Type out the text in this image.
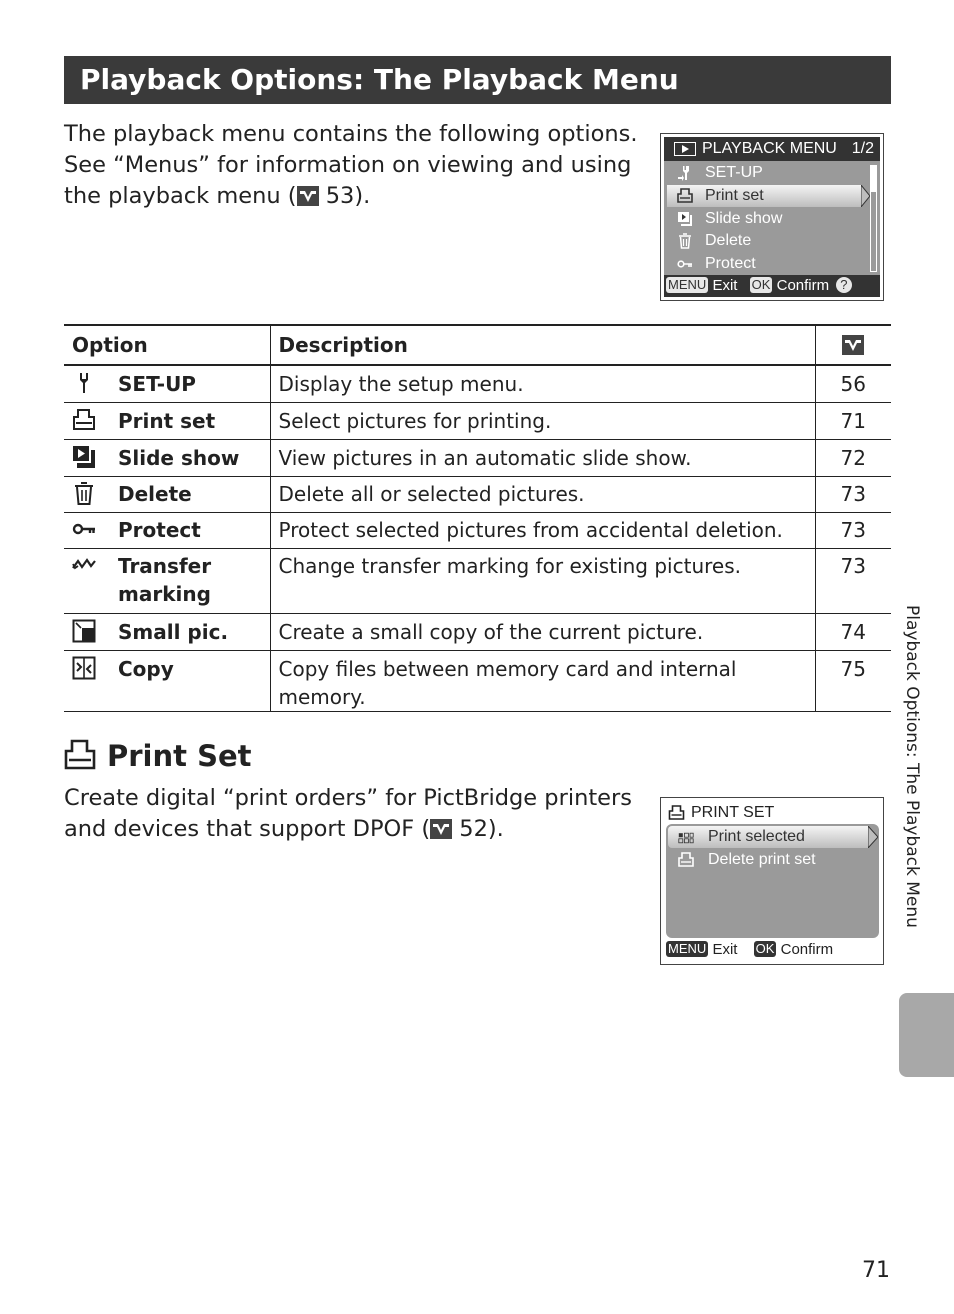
Playback Options: The Playback Menu
The playback menu contains the following options.
See “Menus” for information on viewing and using
the playback menu ( 53).
PLAYBACK MENU 1/2
SET-UP
Print set
Slide show
Delete
Protect
MENU Exit OK Confirm ? Help
Option	Description	
SET-UP	Display the setup menu.	56
Print set	Select pictures for printing.	71
Slide show	View pictures in an automatic slide show.	72
Delete	Delete all or selected pictures.	73
Protect	Protect selected pictures from accidental deletion.	73

Transfer
marking	Change transfer marking for existing pictures.	73
Small pic.	Create a small copy of the current picture.	74
Copy	Copy files between memory card and internal memory.	75
Print Set
Create digital “print orders” for PictBridge printers
and devices that support DPOF ( 52).
PRINT SET
Print selected
Delete print set
MENU Exit OK Confirm
Playback Options: The Playback Menu
71
